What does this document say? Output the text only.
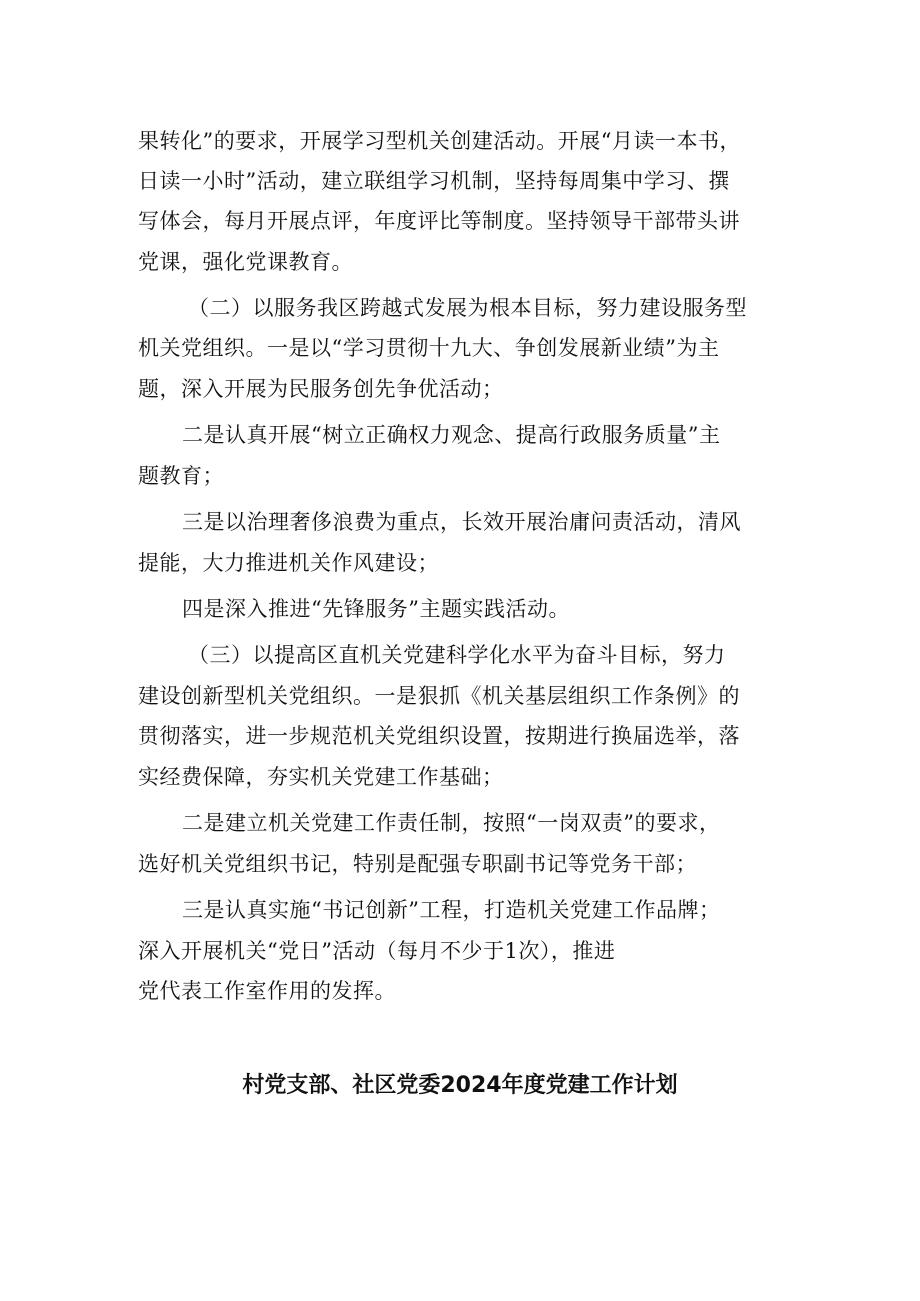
果转化”的要求，开展学习型机关创建活动。开展“月读一本书，
日读一小时”活动，建立联组学习机制，坚持每周集中学习、撰
写体会，每月开展点评，年度评比等制度。坚持领导干部带头讲
党课，强化党课教育。
（二）以服务我区跨越式发展为根本目标，努力建设服务型
机关党组织。一是以“学习贯彻十九大、争创发展新业绩”为主
题，深入开展为民服务创先争优活动；
二是认真开展“树立正确权力观念、提高行政服务质量”主
题教育；
三是以治理奢侈浪费为重点，长效开展治庸问责活动，清风
提能，大力推进机关作风建设；
四是深入推进“先锋服务”主题实践活动。
（三）以提高区直机关党建科学化水平为奋斗目标，努力
建设创新型机关党组织。一是狠抓《机关基层组织工作条例》的
贯彻落实，进一步规范机关党组织设置，按期进行换届选举，落
实经费保障，夯实机关党建工作基础；
二是建立机关党建工作责任制，按照“一岗双责”的要求，
选好机关党组织书记，特别是配强专职副书记等党务干部；
三是认真实施“书记创新”工程，打造机关党建工作品牌；
深入开展机关“党日”活动（每月不少于1次），推进
党代表工作室作用的发挥。
村党支部、社区党委2024年度党建工作计划
